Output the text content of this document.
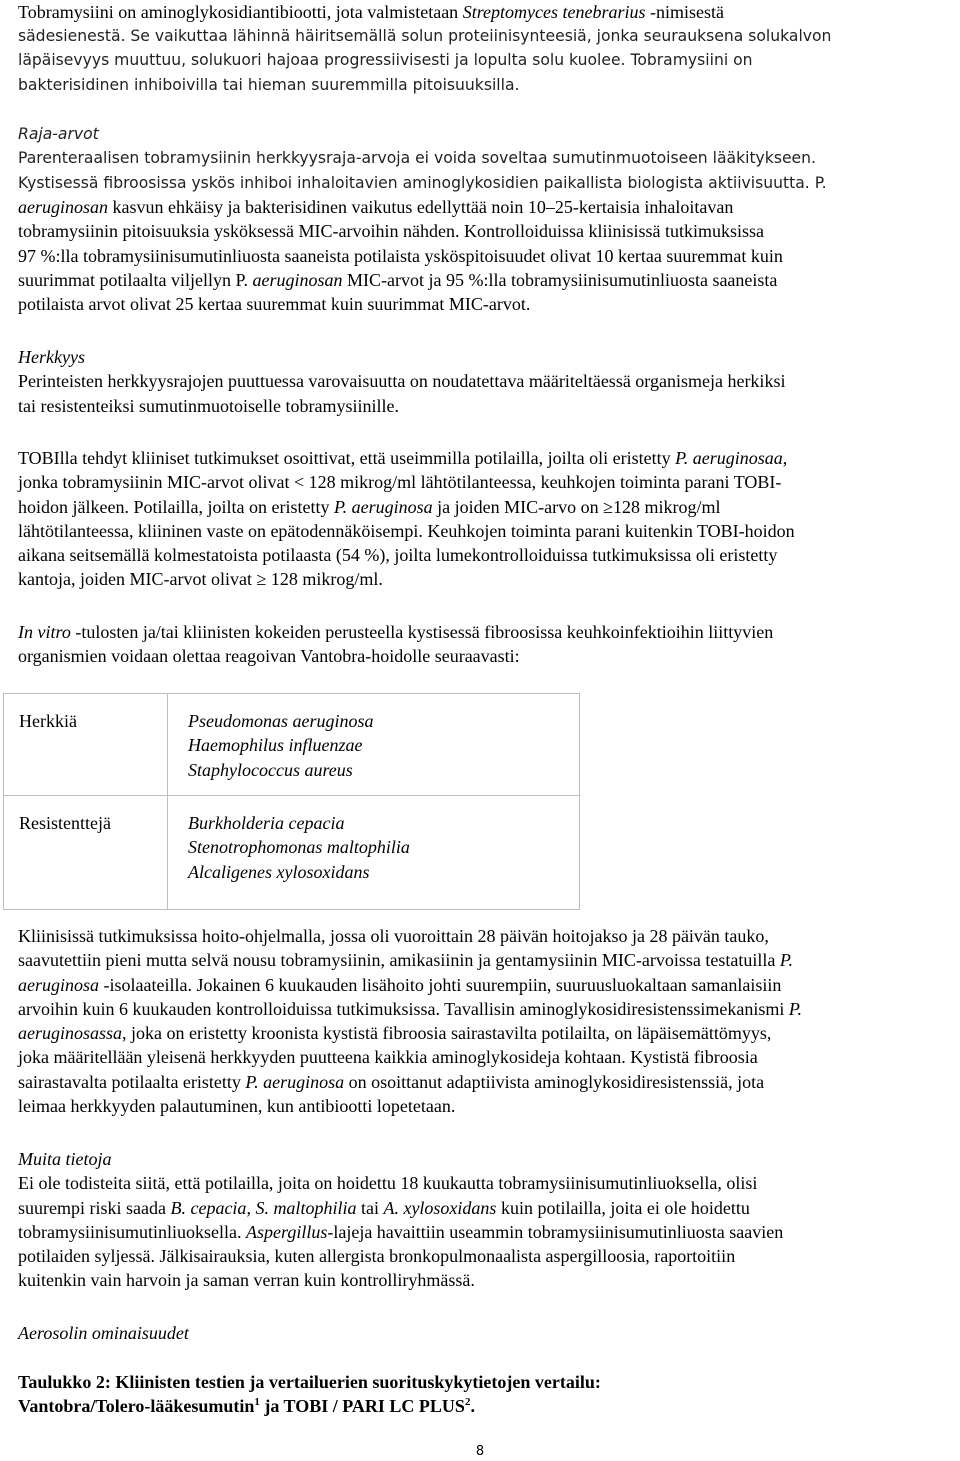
Tobramysiini on aminoglykosidiantibiootti, jota valmistetaan Streptomyces tenebrarius -nimisestä
sädesienestä. Se vaikuttaa lähinnä häiritsemällä solun proteiinisynteesiä, jonka seurauksena solukalvon
läpäisevyys muuttuu, solukuori hajoaa progressiivisesti ja lopulta solu kuolee. Tobramysiini on
bakterisidinen inhiboivilla tai hieman suuremmilla pitoisuuksilla.
Raja-arvot
Parenteraalisen tobramysiinin herkkyysraja-arvoja ei voida soveltaa sumutinmuotoiseen lääkitykseen.
Kystisessä fibroosissa yskös inhiboi inhaloitavien aminoglykosidien paikallista biologista aktiivisuutta. P.
aeruginosan kasvun ehkäisy ja bakterisidinen vaikutus edellyttää noin 10–25-kertaisia inhaloitavan
tobramysiinin pitoisuuksia ysköksessä MIC-arvoihin nähden. Kontrolloiduissa kliinisissä tutkimuksissa
97 %:lla tobramysiinisumutinliuosta saaneista potilaista ysköspitoisuudet olivat 10 kertaa suuremmat kuin
suurimmat potilaalta viljellyn P. aeruginosan MIC-arvot ja 95 %:lla tobramysiinisumutinliuosta saaneista
potilaista arvot olivat 25 kertaa suuremmat kuin suurimmat MIC-arvot.
Herkkyys
Perinteisten herkkyysrajojen puuttuessa varovaisuutta on noudatettava määriteltäessä organismeja herkiksi
tai resistenteiksi sumutinmuotoiselle tobramysiinille.
TOBIlla tehdyt kliiniset tutkimukset osoittivat, että useimmilla potilailla, joilta oli eristetty P. aeruginosaa,
jonka tobramysiinin MIC-arvot olivat < 128 mikrog/ml lähtötilanteessa, keuhkojen toiminta parani TOBI-
hoidon jälkeen. Potilailla, joilta on eristetty P. aeruginosa ja joiden MIC-arvo on ≥128 mikrog/ml
lähtötilanteessa, kliininen vaste on epätodennäköisempi. Keuhkojen toiminta parani kuitenkin TOBI-hoidon
aikana seitsemällä kolmestatoista potilaasta (54 %), joilta lumekontrolloiduissa tutkimuksissa oli eristetty
kantoja, joiden MIC-arvot olivat ≥ 128 mikrog/ml.
In vitro -tulosten ja/tai kliinisten kokeiden perusteella kystisessä fibroosissa keuhkoinfektioihin liittyvien
organismien voidaan olettaa reagoivan Vantobra-hoidolle seuraavasti:
Herkkiä	Pseudomonas aeruginosa
Haemophilus influenzae
Staphylococcus aureus

Resistenttejä	Burkholderia cepacia
Stenotrophomonas maltophilia
Alcaligenes xylosoxidans
Kliinisissä tutkimuksissa hoito-ohjelmalla, jossa oli vuoroittain 28 päivän hoitojakso ja 28 päivän tauko,
saavutettiin pieni mutta selvä nousu tobramysiinin, amikasiinin ja gentamysiinin MIC-arvoissa testatuilla P.
aeruginosa -isolaateilla. Jokainen 6 kuukauden lisähoito johti suurempiin, suuruusluokaltaan samanlaisiin
arvoihin kuin 6 kuukauden kontrolloiduissa tutkimuksissa. Tavallisin aminoglykosidiresistenssimekanismi P.
aeruginosassa, joka on eristetty kroonista kystistä fibroosia sairastavilta potilailta, on läpäisemättömyys,
joka määritellään yleisenä herkkyyden puutteena kaikkia aminoglykosideja kohtaan. Kystistä fibroosia
sairastavalta potilaalta eristetty P. aeruginosa on osoittanut adaptiivista aminoglykosidiresistenssiä, jota
leimaa herkkyyden palautuminen, kun antibiootti lopetetaan.
Muita tietoja
Ei ole todisteita siitä, että potilailla, joita on hoidettu 18 kuukautta tobramysiinisumutinliuoksella, olisi
suurempi riski saada B. cepacia, S. maltophilia tai A. xylosoxidans kuin potilailla, joita ei ole hoidettu
tobramysiinisumutinliuoksella. Aspergillus-lajeja havaittiin useammin tobramysiinisumutinliuosta saavien
potilaiden syljessä. Jälkisairauksia, kuten allergista bronkopulmonaalista aspergilloosia, raportoitiin
kuitenkin vain harvoin ja saman verran kuin kontrolliryhmässä.
Aerosolin ominaisuudet
Taulukko 2: Kliinisten testien ja vertailuerien suorituskykytietojen vertailu:
Vantobra/Tolero-lääkesumutin$^1$ ja TOBI / PARI LC PLUS$^2$.
8
